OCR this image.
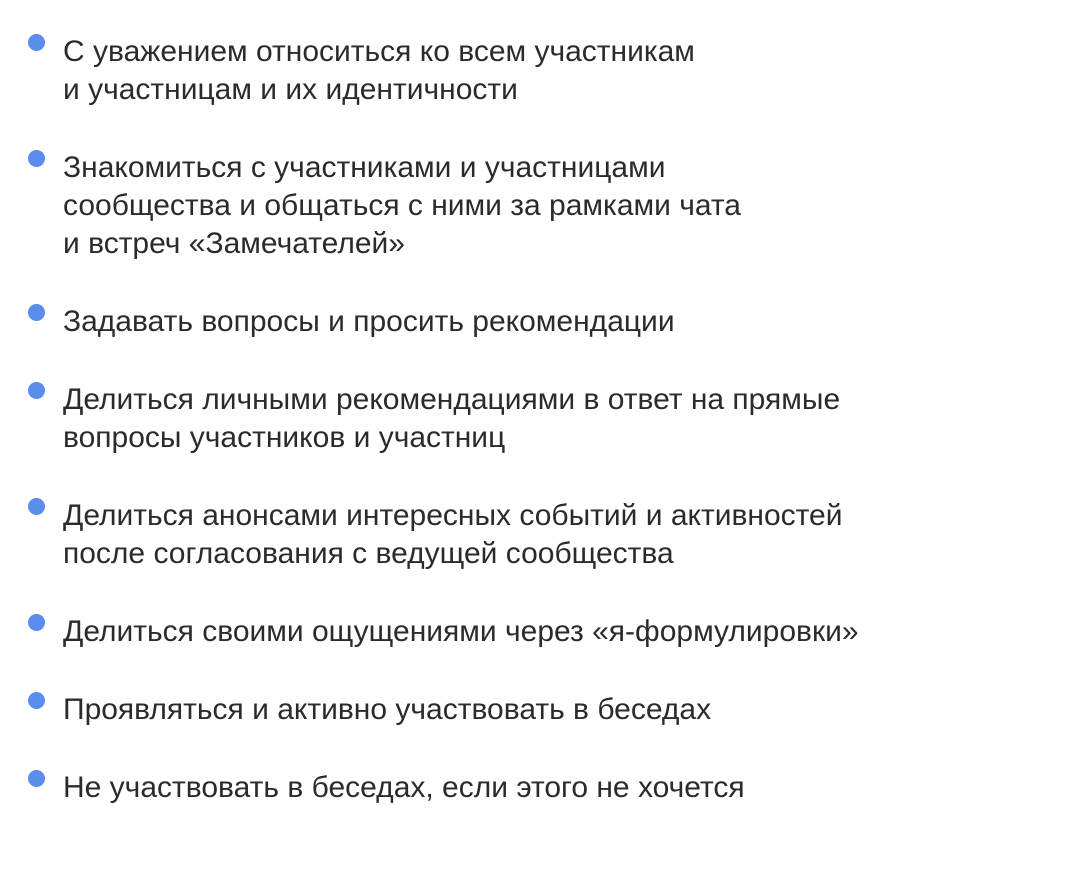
С уважением относиться ко всем участникам
и участницам и их идентичности
Знакомиться с участниками и участницами
сообщества и общаться с ними за рамками чата
и встреч «Замечателей»
Задавать вопросы и просить рекомендации
Делиться личными рекомендациями в ответ на прямые
вопросы участников и участниц
Делиться анонсами интересных событий и активностей
после согласования с ведущей сообщества
Делиться своими ощущениями через «я-формулировки»
Проявляться и активно участвовать в беседах
Не участвовать в беседах, если этого не хочется
